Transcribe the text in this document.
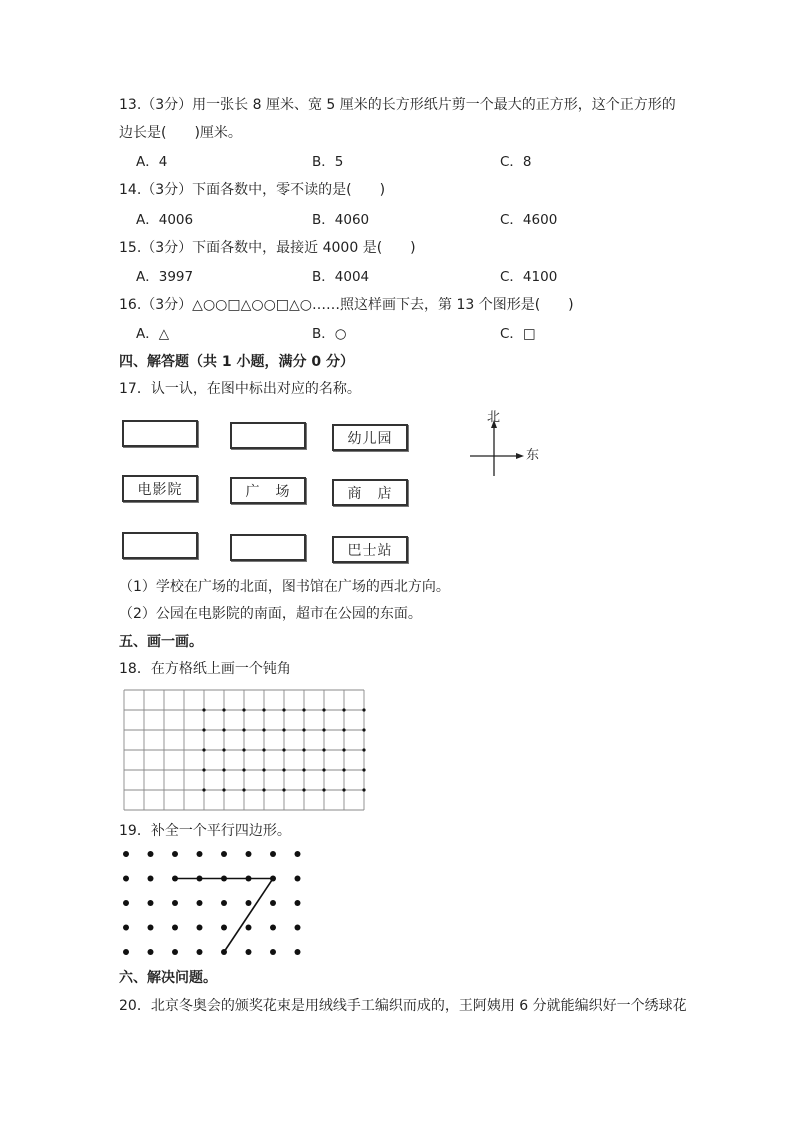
13.（3分）用一张长 8 厘米、宽 5 厘米的长方形纸片剪一个最大的正方形，这个正方形的
边长是(　　)厘米。
A．4	B．5	C．8
14.（3分）下面各数中，零不读的是(　　)
A．4006	B．4060	C．4600
15.（3分）下面各数中，最接近 4000 是(　　)
A．3997	B．4004	C．4100
16.（3分）△○○□△○○□△○……照这样画下去，第 13 个图形是(　　)
A．△	B．○	C．□
四、解答题（共 1 小题，满分 0 分）
17．认一认，在图中标出对应的名称。
幼儿园
电影院	广　场	商　店
巴士站
北
东
（1）学校在广场的北面，图书馆在广场的西北方向。
（2）公园在电影院的南面，超市在公园的东面。
五、画一画。
18．在方格纸上画一个钝角
19．补全一个平行四边形。
六、解决问题。
20．北京冬奥会的颁奖花束是用绒线手工编织而成的，王阿姨用 6 分就能编织好一个绣球花
